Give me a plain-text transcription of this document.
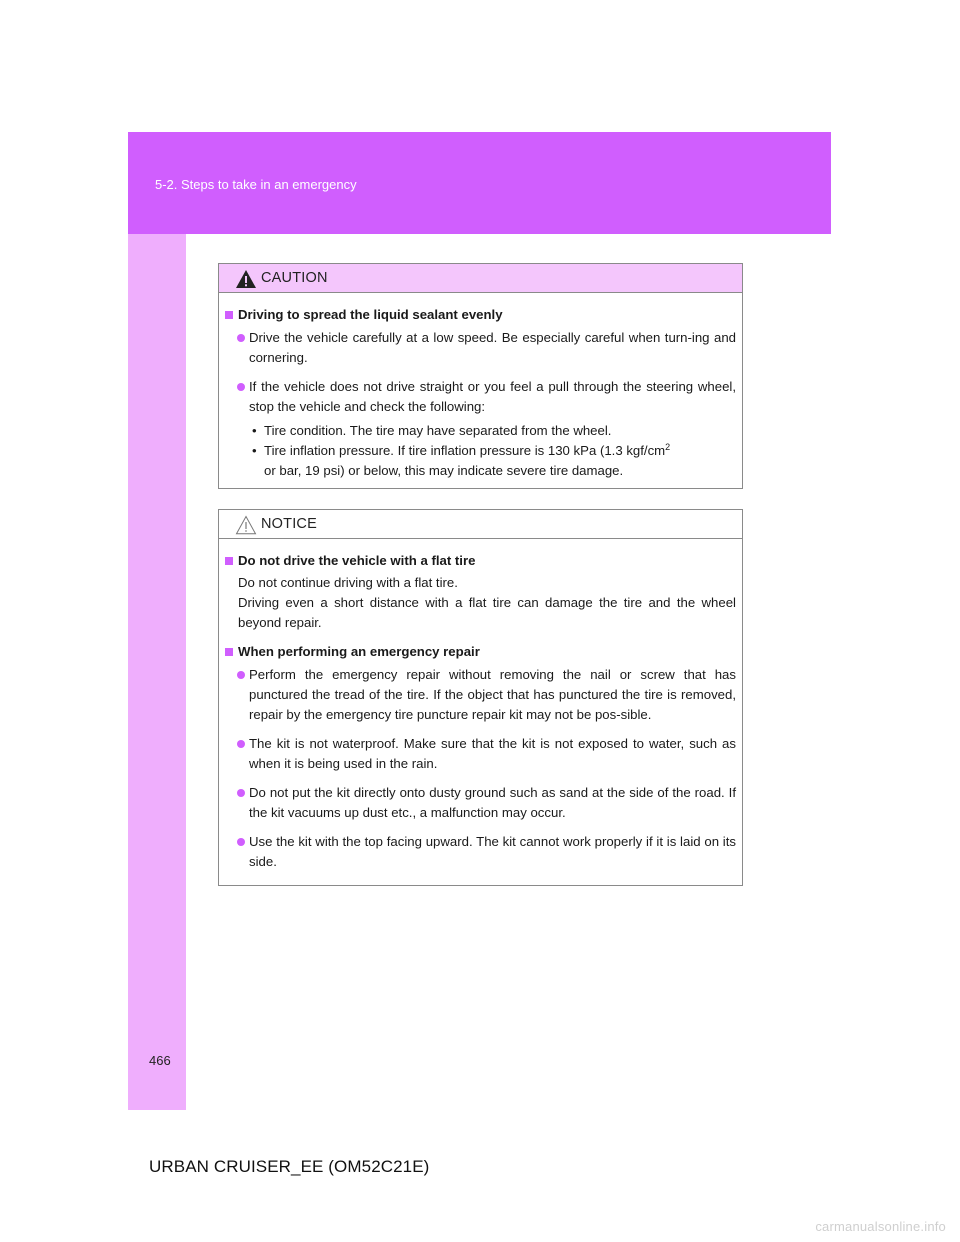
5-2. Steps to take in an emergency
CAUTION
Driving to spread the liquid sealant evenly
Drive the vehicle carefully at a low speed. Be especially careful when turn-ing and cornering.
If the vehicle does not drive straight or you feel a pull through the steering wheel, stop the vehicle and check the following:
• Tire condition. The tire may have separated from the wheel.
• Tire inflation pressure. If tire inflation pressure is 130 kPa (1.3 kgf/$cm^2$
or bar, 19 psi) or below, this may indicate severe tire damage.
NOTICE
Do not drive the vehicle with a flat tire

Do not continue driving with a flat tire.

Driving even a short distance with a flat tire can damage the tire and the wheel beyond repair.

When performing an emergency repair
Perform the emergency repair without removing the nail or screw that has punctured the tread of the tire. If the object that has punctured the tire is removed, repair by the emergency tire puncture repair kit may not be pos-sible.
The kit is not waterproof. Make sure that the kit is not exposed to water, such as when it is being used in the rain.
Do not put the kit directly onto dusty ground such as sand at the side of the road. If the kit vacuums up dust etc., a malfunction may occur.
Use the kit with the top facing upward. The kit cannot work properly if it is laid on its side.
466
URBAN CRUISER_EE (OM52C21E)
carmanualsonline.info
